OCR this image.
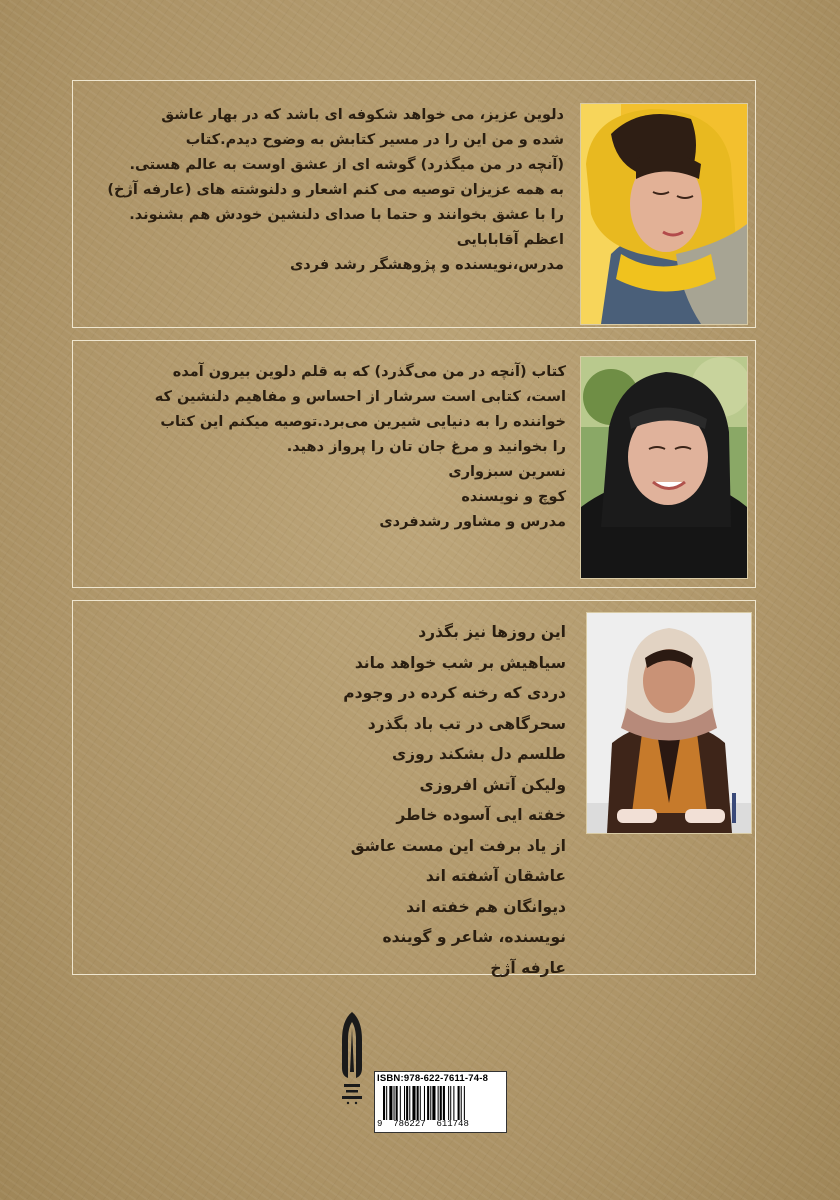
دلوین عزیز، می خواهد شکوفه ای باشد که در بهار عاشق
شده و من این را در مسیر کتابش به وضوح دیدم.کتاب
(آنچه در من میگذرد) گوشه ای از عشق اوست به عالم هستی.
به همه عزیزان توصیه می کنم اشعار و دلنوشته های (عارفه آژخ)
را با عشق بخوانند و حتما با صدای دلنشین خودش هم بشنوند.
اعظم آقابابایی
مدرس،نویسنده و پژوهشگر رشد فردی
کتاب (آنچه در من می‌گذرد) که به قلم دلوین بیرون آمده
است، کتابی است سرشار از احساس و مفاهیم دلنشین که
خواننده را به دنیایی شیرین می‌برد.توصیه میکنم این کتاب
را بخوانید و مرغ جان تان را پرواز دهید.
نسرین سبزواری
کوچ و نویسنده
مدرس و مشاور رشدفردی
این روزها نیز بگذرد
سیاهیش بر شب خواهد ماند
دردی که رخنه کرده در وجودم
سحرگاهی در تب باد بگذرد
طلسم دل بشکند روزی
ولیکن آتش افروزی
خفته ایی آسوده خاطر
از یاد برفت این مست عاشق
عاشقان آشفته اند
دیوانگان هم خفته اند
نویسنده، شاعر و گوینده
عارفه آژخ
ISBN:978-622-7611-74-8
9 786227 611748
